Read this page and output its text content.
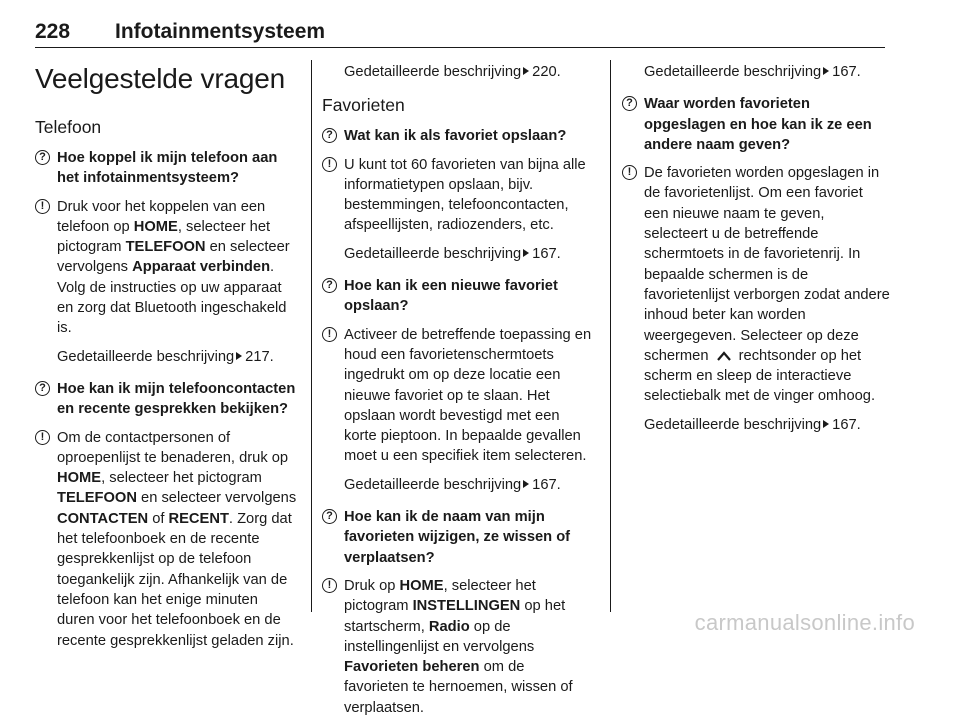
228 Infotainmentsysteem
Veelgestelde vragen
Telefoon
? Hoe koppel ik mijn telefoon aan het infotainmentsysteem?
! Druk voor het koppelen van een telefoon op HOME, selecteer het pictogram TELEFOON en selecteer vervolgens Apparaat verbinden. Volg de instructies op uw apparaat en zorg dat Bluetooth ingeschakeld is.
Gedetailleerde beschrijving 217.
? Hoe kan ik mijn telefooncontacten en recente gesprekken bekijken?
! Om de contactpersonen of oproepenlijst te benaderen, druk op HOME, selecteer het pictogram TELEFOON en selecteer vervolgens CONTACTEN of RECENT. Zorg dat het telefoonboek en de recente gesprekkenlijst op de telefoon toegankelijk zijn. Afhankelijk van de telefoon kan het enige minuten duren voor het telefoonboek en de recente gesprekkenlijst geladen zijn.
Gedetailleerde beschrijving 220.
Favorieten
? Wat kan ik als favoriet opslaan?
! U kunt tot 60 favorieten van bijna alle informatietypen opslaan, bijv. bestemmingen, telefooncontacten, afspeellijsten, radiozenders, etc.
Gedetailleerde beschrijving 167.
? Hoe kan ik een nieuwe favoriet opslaan?
! Activeer de betreffende toepassing en houd een favorietenschermtoets ingedrukt om op deze locatie een nieuwe favoriet op te slaan. Het opslaan wordt bevestigd met een korte pieptoon. In bepaalde gevallen moet u een specifiek item selecteren.
Gedetailleerde beschrijving 167.
? Hoe kan ik de naam van mijn favorieten wijzigen, ze wissen of verplaatsen?
! Druk op HOME, selecteer het pictogram INSTELLINGEN op het startscherm, Radio op de instellingenlijst en vervolgens Favorieten beheren om de favorieten te hernoemen, wissen of verplaatsen.
Gedetailleerde beschrijving 167.
? Waar worden favorieten opgeslagen en hoe kan ik ze een andere naam geven?
! De favorieten worden opgeslagen in de favorietenlijst. Om een favoriet een nieuwe naam te geven, selecteert u de betreffende schermtoets in de favorietenrij. In bepaalde schermen is de favorietenlijst verborgen zodat andere inhoud beter kan worden weergegeven. Selecteer op deze schermen  rechtsonder op het scherm en sleep de interactieve selectiebalk met de vinger omhoog.
Gedetailleerde beschrijving 167.
carmanualsonline.info
